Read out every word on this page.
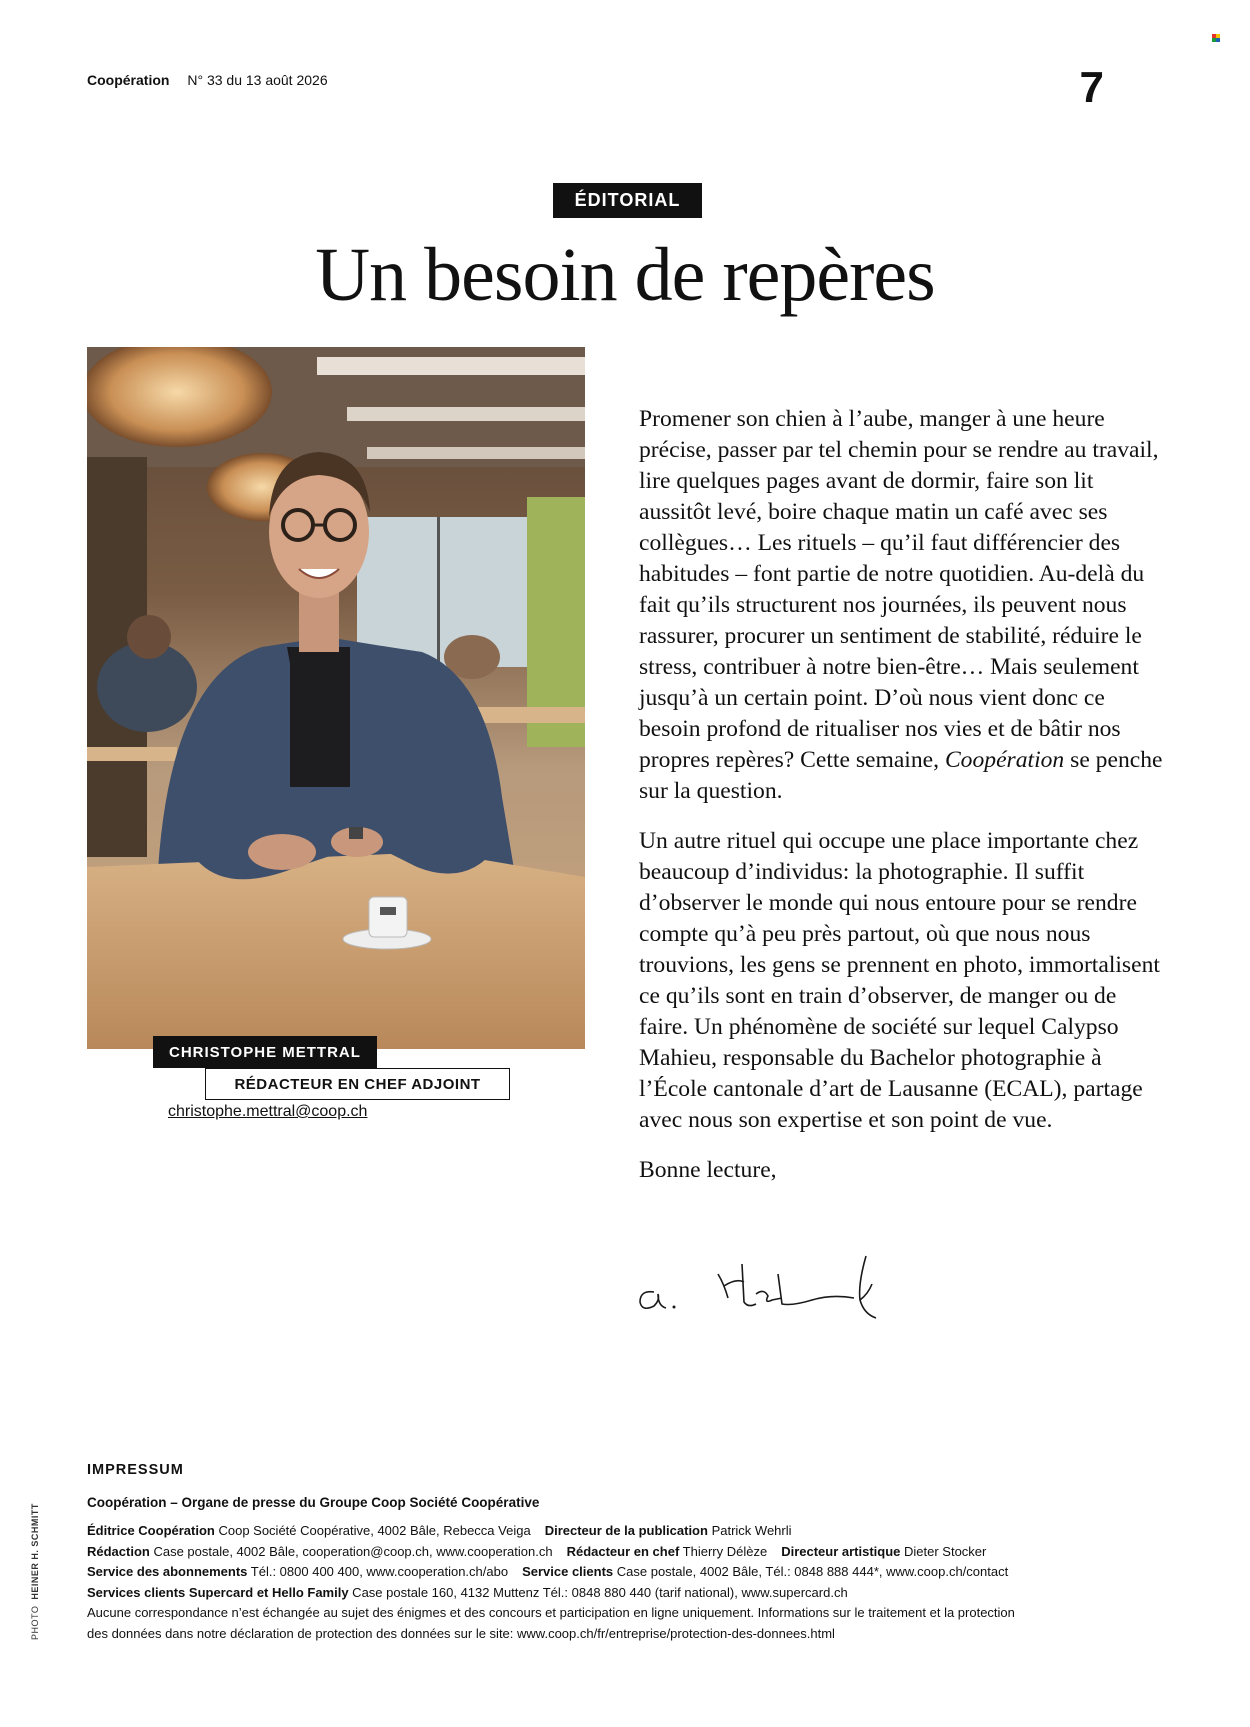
Coopération N° 33 du 13 août 2026	7
ÉDITORIAL
Un besoin de repères
CHRISTOPHE METTRAL
RÉDACTEUR EN CHEF ADJOINT
christophe.mettral@coop.ch

Promener son chien à l’aube, manger à une heure précise, passer par tel chemin pour se rendre au travail, lire quelques pages avant de dormir, faire son lit aussitôt levé, boire chaque matin un café avec ses collègues… Les rituels – qu’il faut différencier des habitudes – font partie de notre quotidien. Au-delà du fait qu’ils structurent nos journées, ils peuvent nous rassurer, procurer un sentiment de stabilité, réduire le stress, contribuer à notre bien-être… Mais seulement jusqu’à un certain point. D’où nous vient donc ce besoin profond de ritualiser nos vies et de bâtir nos propres repères? Cette semaine, Coopération se penche sur la question.

Un autre rituel qui occupe une place importante chez beaucoup d’individus: la photographie. Il suffit d’observer le monde qui nous entoure pour se rendre compte qu’à peu près partout, où que nous nous trouvions, les gens se prennent en photo, immortalisent ce qu’ils sont en train d’observer, de manger ou de faire. Un phénomène de société sur lequel Calypso Mahieu, responsable du Bachelor photographie à l’École cantonale d’art de Lausanne (ECAL), partage avec nous son expertise et son point de vue.

Bonne lecture,

IMPRESSUM
Coopération – Organe de presse du Groupe Coop Société Coopérative
Éditrice Coopération Coop Société Coopérative, 4002 Bâle, Rebecca Veiga Directeur de la publication Patrick Wehrli
Rédaction Case postale, 4002 Bâle, cooperation@coop.ch, www.cooperation.ch Rédacteur en chef Thierry Délèze Directeur artistique Dieter Stocker
Service des abonnements Tél.: 0800 400 400, www.cooperation.ch/abo Service clients Case postale, 4002 Bâle, Tél.: 0848 888 444*, www.coop.ch/contact
Services clients Supercard et Hello Family Case postale 160, 4132 Muttenz Tél.: 0848 880 440 (tarif national), www.supercard.ch
Aucune correspondance n’est échangée au sujet des énigmes et des concours et participation en ligne uniquement. Informations sur le traitement et la protection
des données dans notre déclaration de protection des données sur le site: www.coop.ch/fr/entreprise/protection-des-donnees.html
PHOTO  HEINER H. SCHMITT
